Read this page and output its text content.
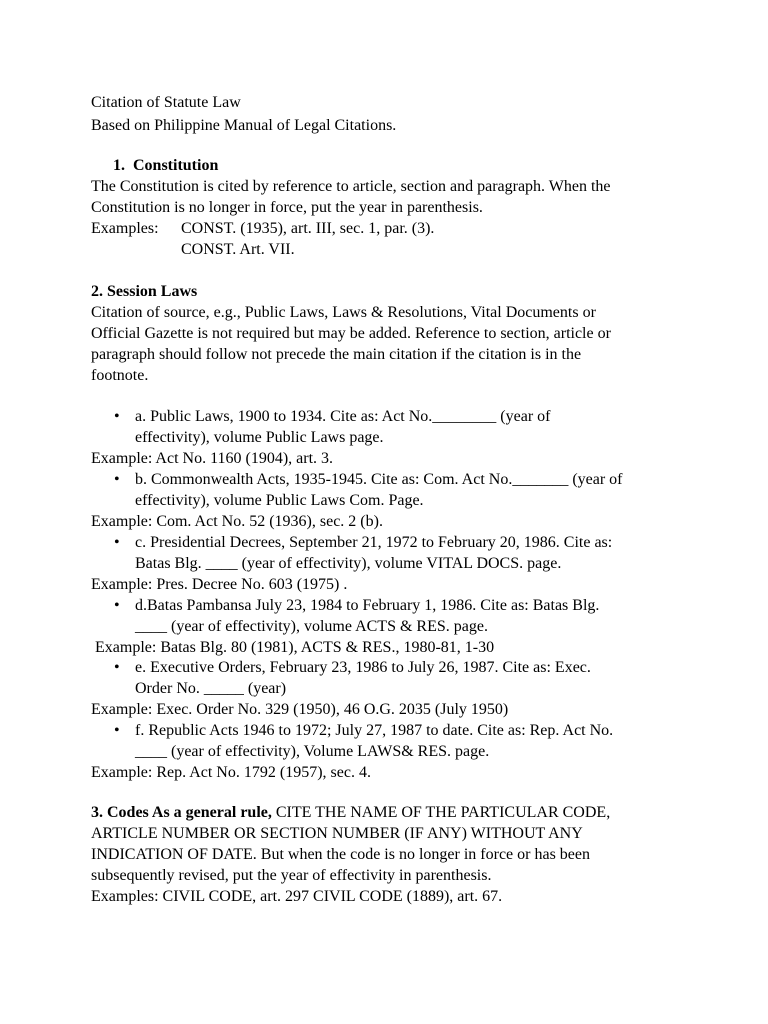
Citation of Statute Law
Based on Philippine Manual of Legal Citations.
1.  Constitution
The Constitution is cited by reference to article, section and paragraph. When the
Constitution is no longer in force, put the year in parenthesis.
Examples: CONST. (1935), art. III, sec. 1, par. (3).
CONST. Art. VII.
2. Session Laws
Citation of source, e.g., Public Laws, Laws & Resolutions, Vital Documents or
Official Gazette is not required but may be added. Reference to section, article or
paragraph should follow not precede the main citation if the citation is in the
footnote.
• a. Public Laws, 1900 to 1934. Cite as: Act No.________ (year of
effectivity), volume Public Laws page.
Example: Act No. 1160 (1904), art. 3.
• b. Commonwealth Acts, 1935-1945. Cite as: Com. Act No._______ (year of
effectivity), volume Public Laws Com. Page.
Example: Com. Act No. 52 (1936), sec. 2 (b).
• c. Presidential Decrees, September 21, 1972 to February 20, 1986. Cite as:
Batas Blg. ____ (year of effectivity), volume VITAL DOCS. page.
Example: Pres. Decree No. 603 (1975) .
• d.Batas Pambansa July 23, 1984 to February 1, 1986. Cite as: Batas Blg.
____ (year of effectivity), volume ACTS & RES. page.
Example: Batas Blg. 80 (1981), ACTS & RES., 1980-81, 1-30
• e. Executive Orders, February 23, 1986 to July 26, 1987. Cite as: Exec.
Order No. _____ (year)
Example: Exec. Order No. 329 (1950), 46 O.G. 2035 (July 1950)
• f. Republic Acts 1946 to 1972; July 27, 1987 to date. Cite as: Rep. Act No.
____ (year of effectivity), Volume LAWS& RES. page.
Example: Rep. Act No. 1792 (1957), sec. 4.
3. Codes As a general rule, CITE THE NAME OF THE PARTICULAR CODE,
ARTICLE NUMBER OR SECTION NUMBER (IF ANY) WITHOUT ANY
INDICATION OF DATE. But when the code is no longer in force or has been
subsequently revised, put the year of effectivity in parenthesis.
Examples: CIVIL CODE, art. 297 CIVIL CODE (1889), art. 67.
